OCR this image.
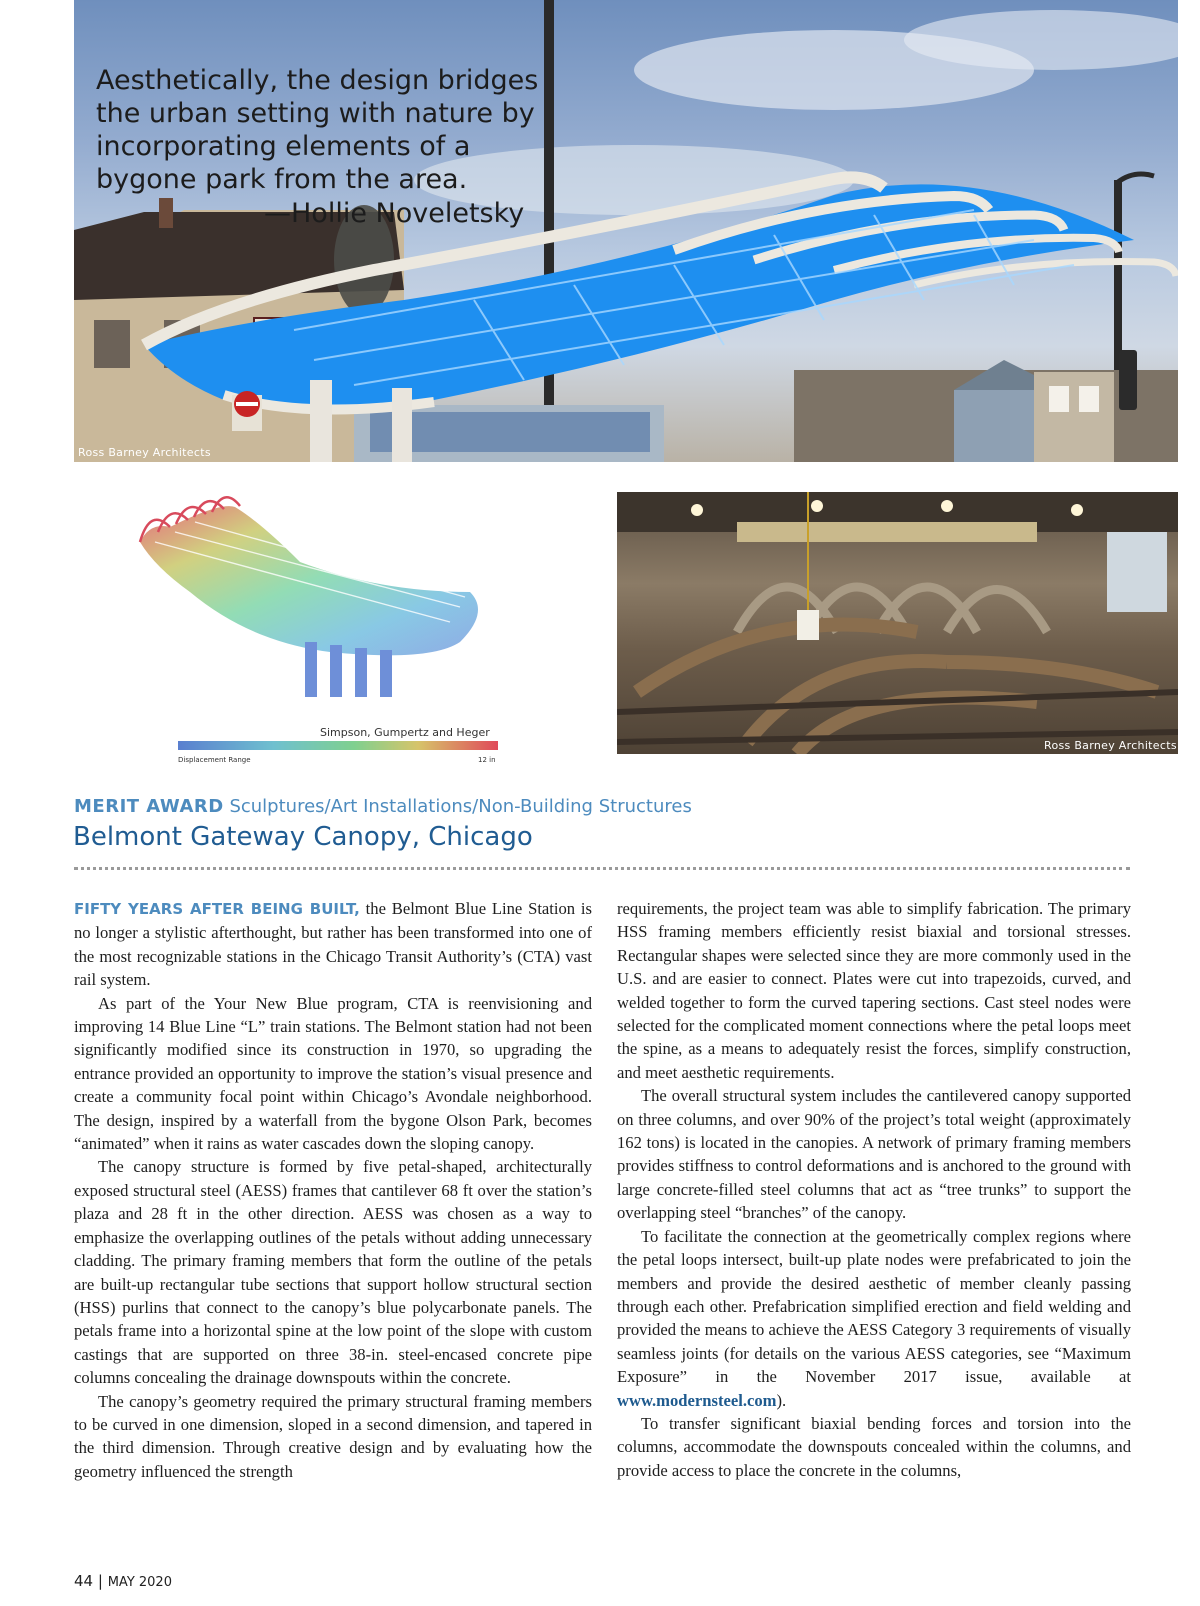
Aesthetically, the design bridges the urban setting with nature by incorporating elements of a bygone park from the area.

—Hollie Noveletsky
Ross Barney Architects
Simpson, Gumpertz and Heger
Displacement Range	12 in
Ross Barney Architects
MERIT AWARD Sculptures/Art Installations/Non-Building Structures
Belmont Gateway Canopy, Chicago

FIFTY YEARS AFTER BEING BUILT, the Belmont Blue Line Station is no longer a stylistic afterthought, but rather has been transformed into one of the most recognizable stations in the Chicago Transit Authority’s (CTA) vast rail system.

As part of the Your New Blue program, CTA is reenvisioning and improving 14 Blue Line “L” train stations. The Belmont station had not been significantly modified since its construction in 1970, so upgrading the entrance provided an opportunity to improve the station’s visual presence and create a community focal point within Chicago’s Avondale neighborhood. The design, inspired by a waterfall from the bygone Olson Park, becomes “animated” when it rains as water cascades down the sloping canopy.

The canopy structure is formed by five petal-shaped, architecturally exposed structural steel (AESS) frames that cantilever 68 ft over the station’s plaza and 28 ft in the other direction. AESS was chosen as a way to emphasize the overlapping outlines of the petals without adding unnecessary cladding. The primary framing members that form the outline of the petals are built-up rectangular tube sections that support hollow structural section (HSS) purlins that connect to the canopy’s blue polycarbonate panels. The petals frame into a horizontal spine at the low point of the slope with custom castings that are supported on three 38-in. steel-encased concrete pipe columns concealing the drainage downspouts within the concrete.

The canopy’s geometry required the primary structural framing members to be curved in one dimension, sloped in a second dimension, and tapered in the third dimension. Through creative design and by evaluating how the geometry influenced the strength

requirements, the project team was able to simplify fabrication. The primary HSS framing members efficiently resist biaxial and torsional stresses. Rectangular shapes were selected since they are more commonly used in the U.S. and are easier to connect. Plates were cut into trapezoids, curved, and welded together to form the curved tapering sections. Cast steel nodes were selected for the complicated moment connections where the petal loops meet the spine, as a means to adequately resist the forces, simplify construction, and meet aesthetic requirements.

The overall structural system includes the cantilevered canopy supported on three columns, and over 90% of the project’s total weight (approximately 162 tons) is located in the canopies. A network of primary framing members provides stiffness to control deformations and is anchored to the ground with large concrete-filled steel columns that act as “tree trunks” to support the overlapping steel “branches” of the canopy.

To facilitate the connection at the geometrically complex regions where the petal loops intersect, built-up plate nodes were prefabricated to join the members and provide the desired aesthetic of member cleanly passing through each other. Prefabrication simplified erection and field welding and provided the means to achieve the AESS Category 3 requirements of visually seamless joints (for details on the various AESS categories, see “Maximum Exposure” in the November 2017 issue, available at www.modernsteel.com).

To transfer significant biaxial bending forces and torsion into the columns, accommodate the downspouts concealed within the columns, and provide access to place the concrete in the columns,

44 | MAY 2020
